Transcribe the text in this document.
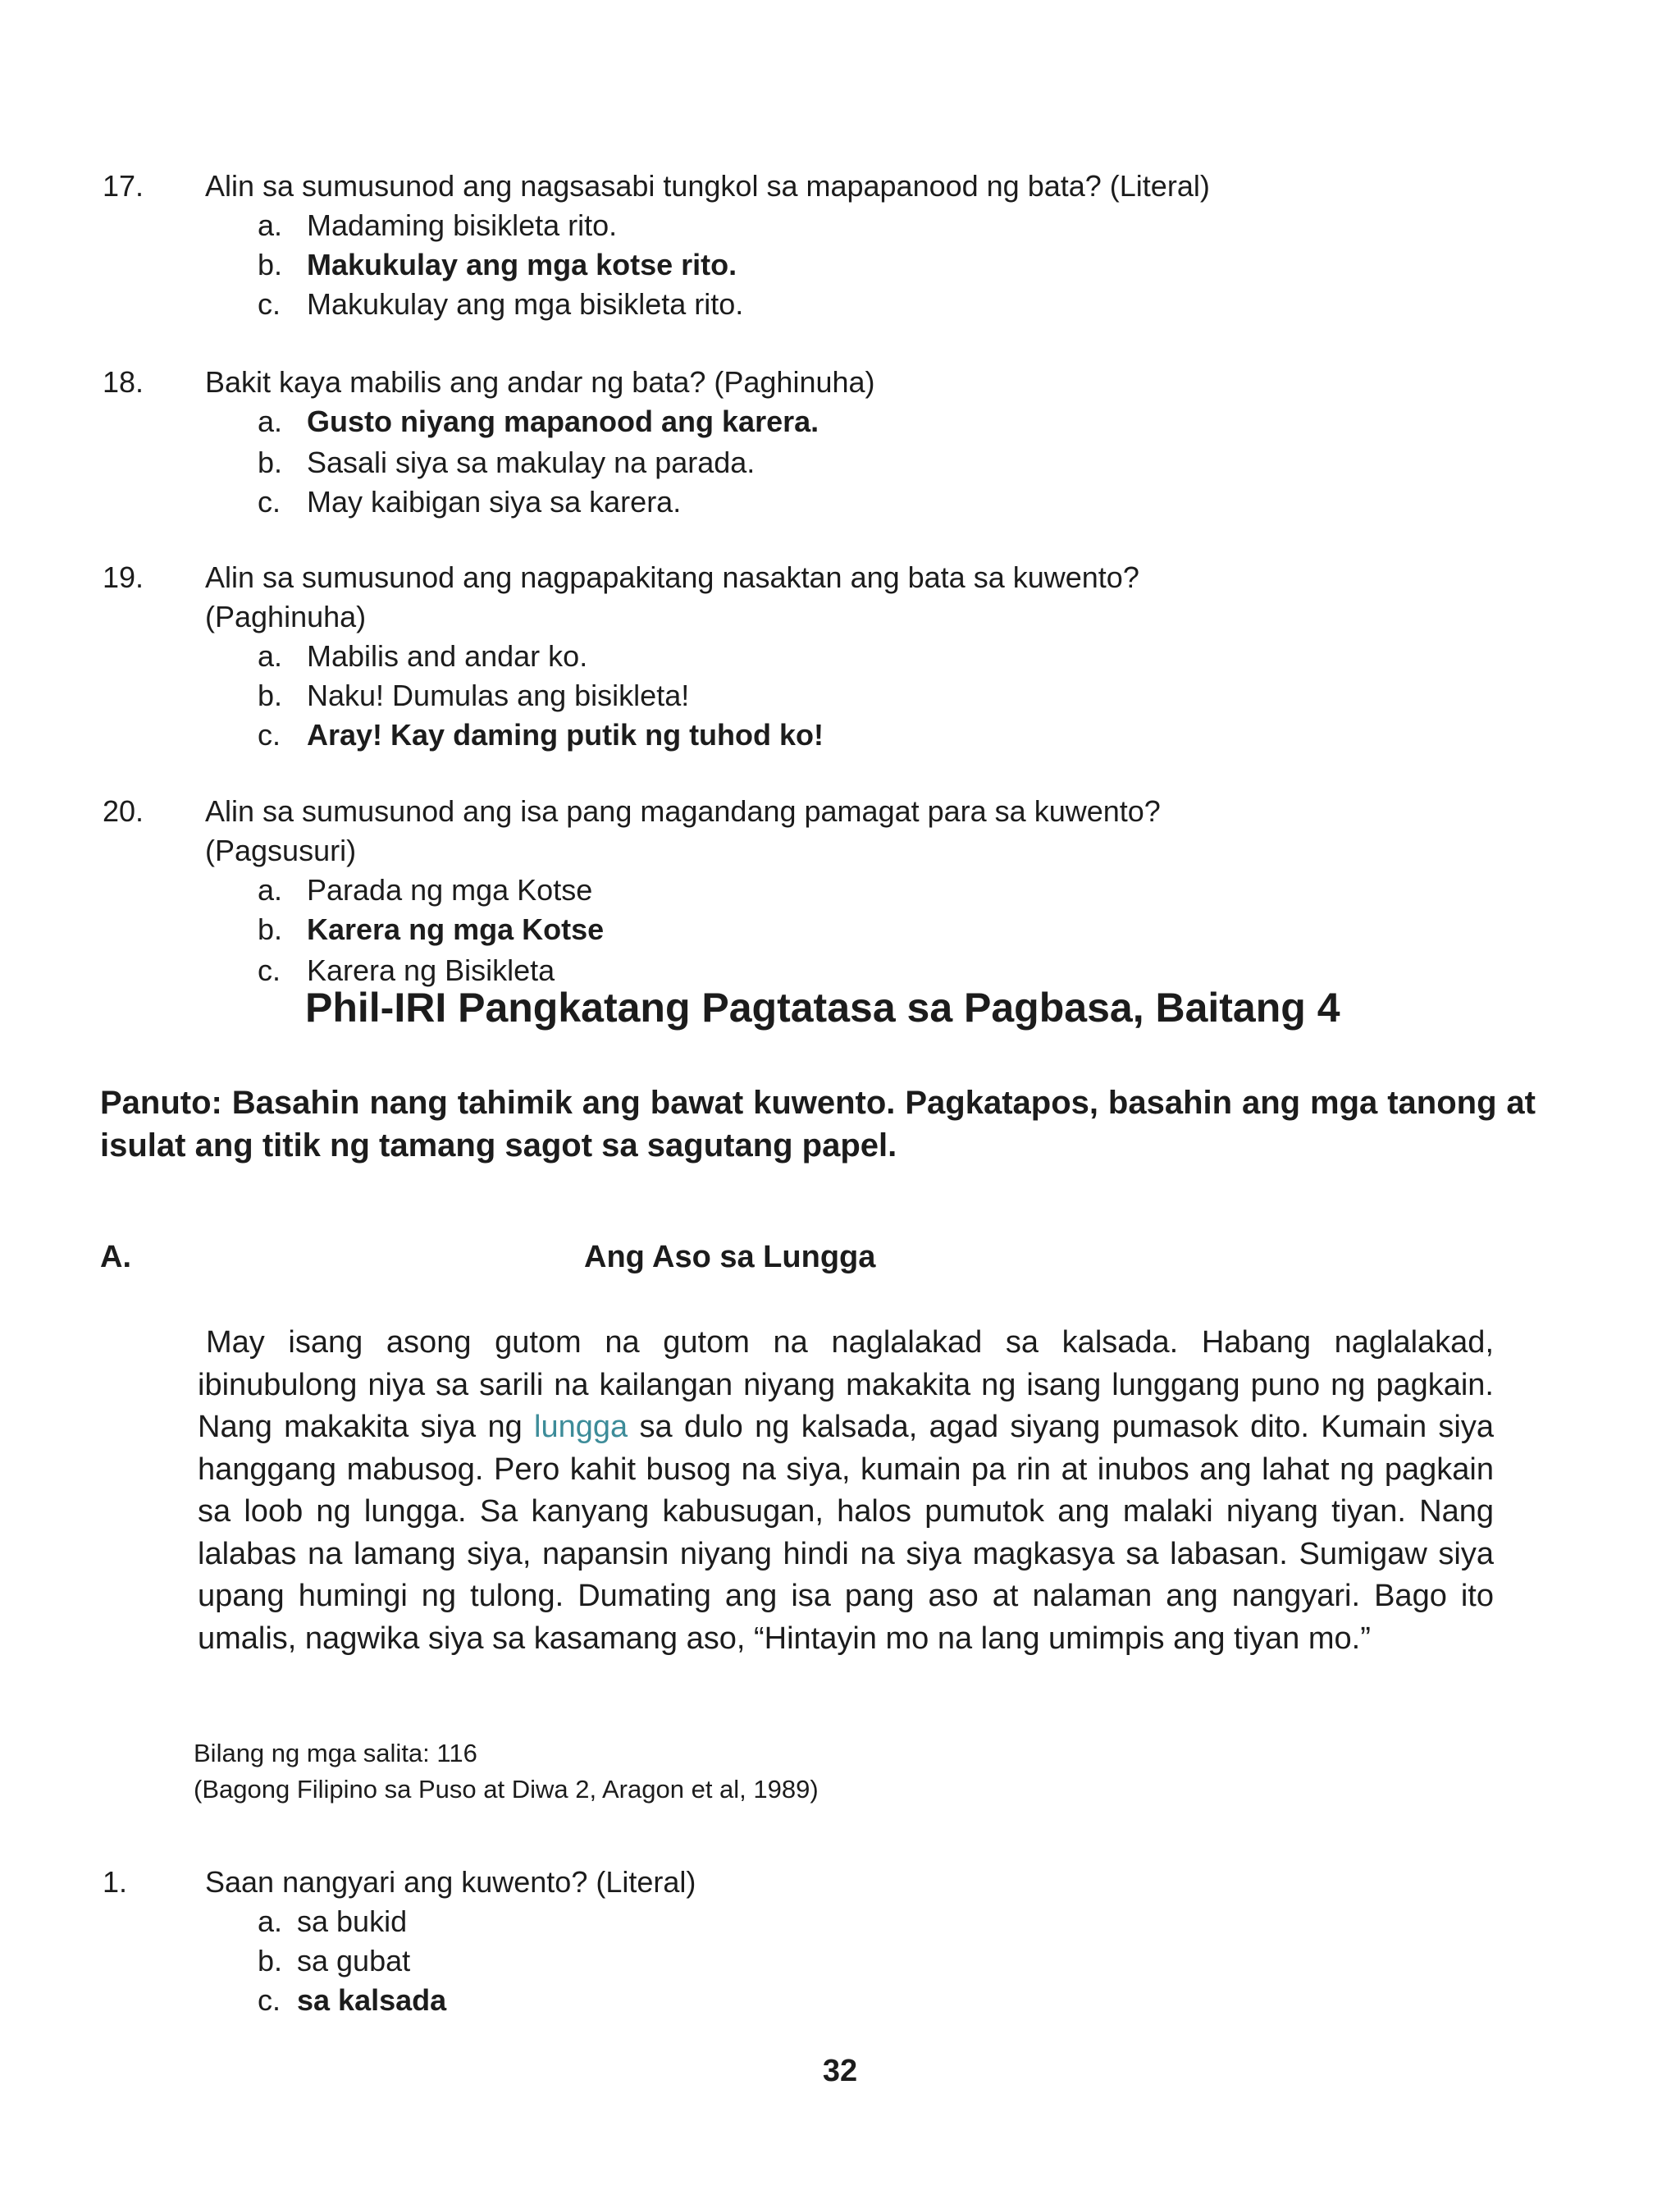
17. Alin sa sumusunod ang nagsasabi tungkol sa mapapanood ng bata? (Literal)
a. Madaming bisikleta rito.
b. Makukulay ang mga kotse rito.
c. Makukulay ang mga bisikleta rito.
18. Bakit kaya mabilis ang andar ng bata? (Paghinuha)
a. Gusto niyang mapanood ang karera.
b. Sasali siya sa makulay na parada.
c. May kaibigan siya sa karera.
19. Alin sa sumusunod ang nagpapakitang nasaktan ang bata sa kuwento?
(Paghinuha)
a. Mabilis and andar ko.
b. Naku! Dumulas ang bisikleta!
c. Aray! Kay daming putik ng tuhod ko!
20. Alin sa sumusunod ang isa pang magandang pamagat para sa kuwento?
(Pagsusuri)
a. Parada ng mga Kotse
b. Karera ng mga Kotse
c. Karera ng Bisikleta
Phil-IRI Pangkatang Pagtatasa sa Pagbasa, Baitang 4
Panuto: Basahin nang tahimik ang bawat kuwento. Pagkatapos, basahin ang mga tanong at isulat ang titik ng tamang sagot sa sagutang papel.
A.	Ang Aso sa Lungga
May isang asong gutom na gutom na naglalakad sa kalsada. Habang naglalakad, ibinubulong niya sa sarili na kailangan niyang makakita ng isang lunggang puno ng pagkain. Nang makakita siya ng lungga sa dulo ng kalsada, agad siyang pumasok dito. Kumain siya hanggang mabusog. Pero kahit busog na siya, kumain pa rin at inubos ang lahat ng pagkain sa loob ng lungga. Sa kanyang kabusugan, halos pumutok ang malaki niyang tiyan. Nang lalabas na lamang siya, napansin niyang hindi na siya magkasya sa labasan. Sumigaw siya upang humingi ng tulong. Dumating ang isa pang aso at nalaman ang nangyari. Bago ito umalis, nagwika siya sa kasamang aso, “Hintayin mo na lang umimpis ang tiyan mo.”
Bilang ng mga salita: 116
(Bagong Filipino sa Puso at Diwa 2, Aragon et al, 1989)
1.	Saan nangyari ang kuwento? (Literal)
a. sa bukid
b. sa gubat
c. sa kalsada
32
